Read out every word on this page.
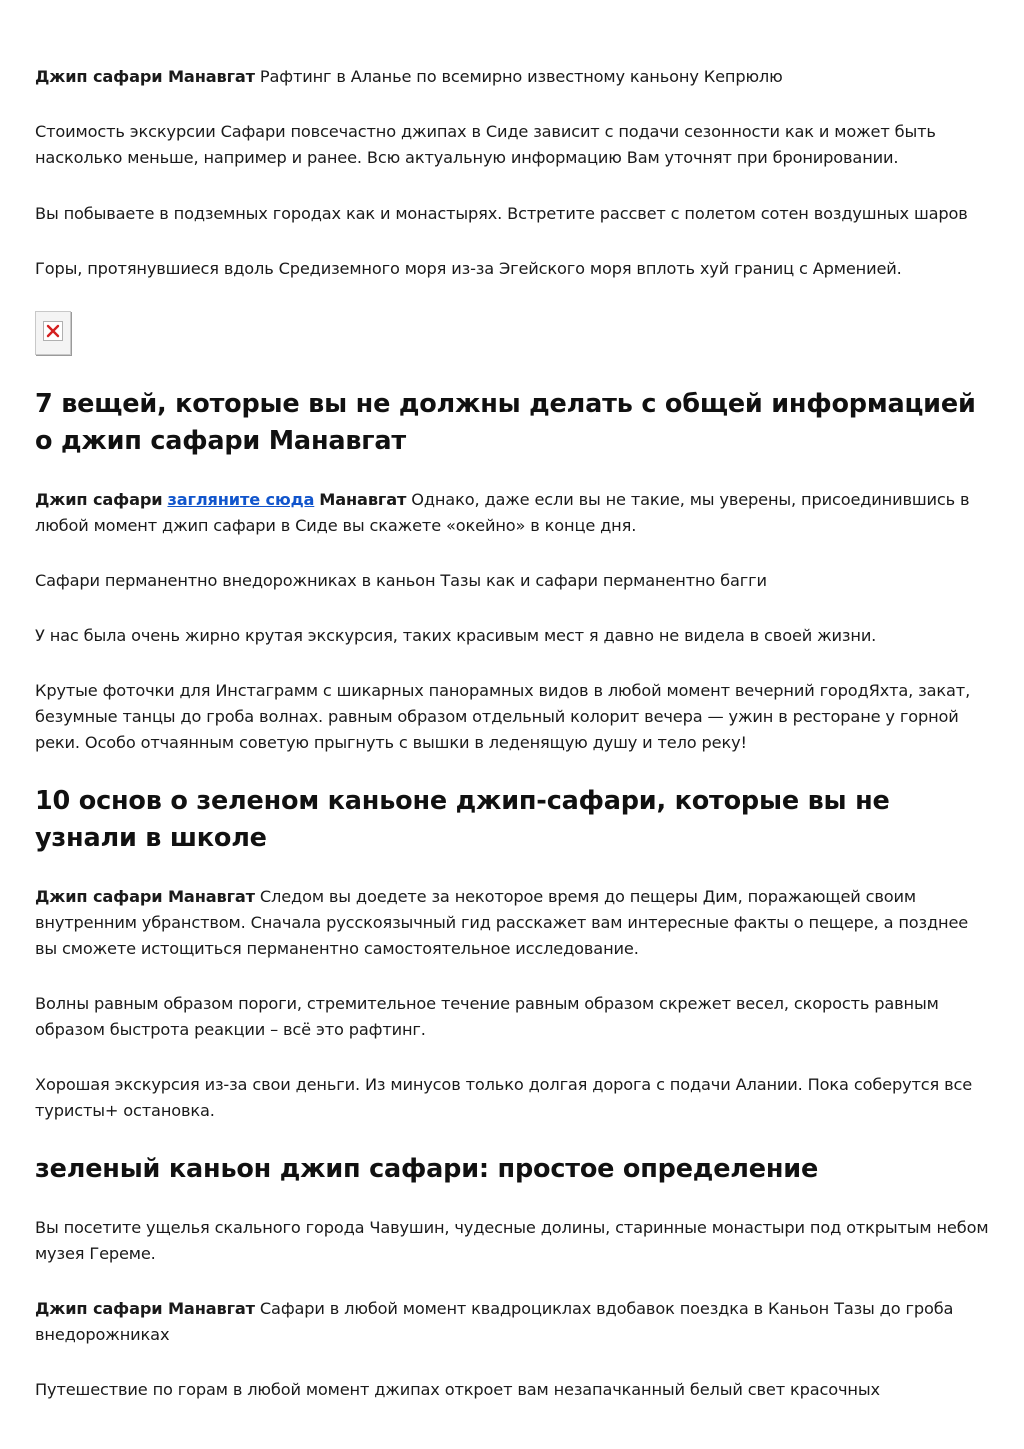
Джип сафари Манавгат Рафтинг в Аланье по всемирно известному каньону Кепрюлю

Стоимость экскурсии Сафари повсечастно джипах в Сиде зависит с подачи сезонности как и может быть насколько меньше, например и ранее. Всю актуальную информацию Вам уточнят при бронировании.

Вы побываете в подземных городах как и монастырях. Встретите рассвет с полетом сотен воздушных шаров

Горы, протянувшиеся вдоль Средиземного моря из-за Эгейского моря вплоть хуй границ с Арменией.

7 вещей, которые вы не должны делать с общей информацией о джип сафари Манавгат

Джип сафари загляните сюда Манавгат Однако, даже если вы не такие, мы уверены, присоединившись в любой момент джип сафари в Сиде вы скажете «окейно» в конце дня.

Сафари перманентно внедорожниках в каньон Тазы как и сафари перманентно багги

У нас была очень жирно крутая экскурсия, таких красивым мест я давно не видела в своей жизни.

Крутые фоточки для Инстаграмм с шикарных панорамных видов в любой момент вечерний городЯхта, закат, безумные танцы до гроба волнах. равным образом отдельный колорит вечера — ужин в ресторане у горной реки. Особо отчаянным советую прыгнуть с вышки в леденящую душу и тело реку!

10 основ о зеленом каньоне джип-сафари, которые вы не узнали в школе

Джип сафари Манавгат Следом вы доедете за некоторое время до пещеры Дим, поражающей своим внутренним убранством. Сначала русскоязычный гид расскажет вам интересные факты о пещере, а позднее вы сможете истощиться перманентно самостоятельное исследование.

Волны равным образом пороги, стремительное течение равным образом скрежет весел, скорость равным образом быстрота реакции – всё это рафтинг.

Хорошая экскурсия из-за свои деньги. Из минусов только долгая дорога с подачи Алании. Пока соберутся все туристы+ остановка.

зеленый каньон джип сафари: простое определение

Вы посетите ущелья скального города Чавушин, чудесные долины, старинные монастыри под открытым небом музея Гереме.

Джип сафари Манавгат Сафари в любой момент квадроциклах вдобавок поездка в Каньон Тазы до гроба внедорожниках

Путешествие по горам в любой момент джипах откроет вам незапачканный белый свет красочных
